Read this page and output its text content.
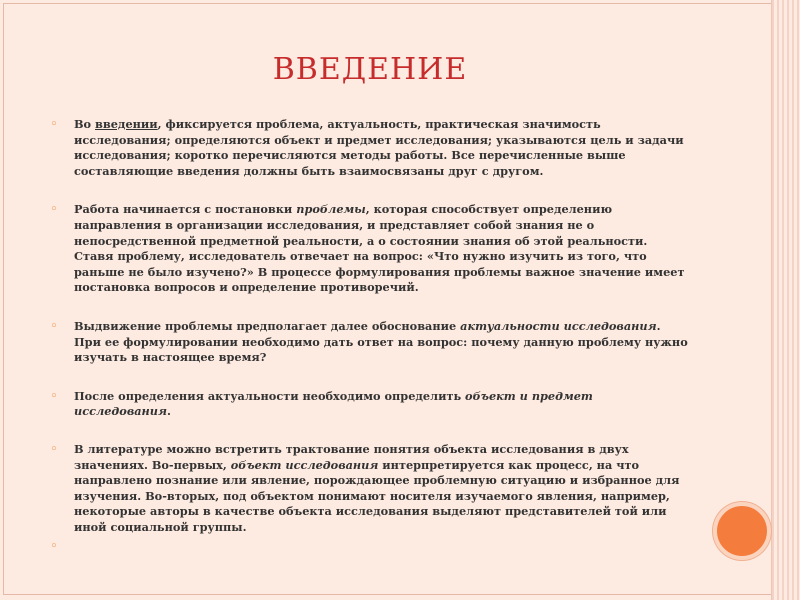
ВВЕДЕНИЕ
◦ Во введении, фиксируется проблема, актуальность, практическая значимость исследования; определяются объект и предмет исследования; указываются цель и задачи исследования; коротко перечисляются методы работы. Все перечисленные выше составляющие введения должны быть взаимосвязаны друг с другом.
◦ Работа начинается с постановки проблемы, которая способствует определению направления в организации исследования, и представляет собой знания не о непосредственной предметной реальности, а о состоянии знания об этой реальности. Ставя проблему, исследователь отвечает на вопрос: «Что нужно изучить из того, что раньше не было изучено?» В процессе формулирования проблемы важное значение имеет постановка вопросов и определение противоречий.
◦ Выдвижение проблемы предполагает далее обоснование актуальности исследования. При ее формулировании необходимо дать ответ на вопрос: почему данную проблему нужно изучать в настоящее время?
◦ После определения актуальности необходимо определить объект и предмет исследования.
◦ В литературе можно встретить трактование понятия объекта исследования в двух значениях. Во-первых, объект исследования интерпретируется как процесс, на что направлено познание или явление, порождающее проблемную ситуацию и избранное для изучения. Во-вторых, под объектом понимают носителя изучаемого явления, например, некоторые авторы в качестве объекта исследования выделяют представителей той или иной социальной группы.
◦
